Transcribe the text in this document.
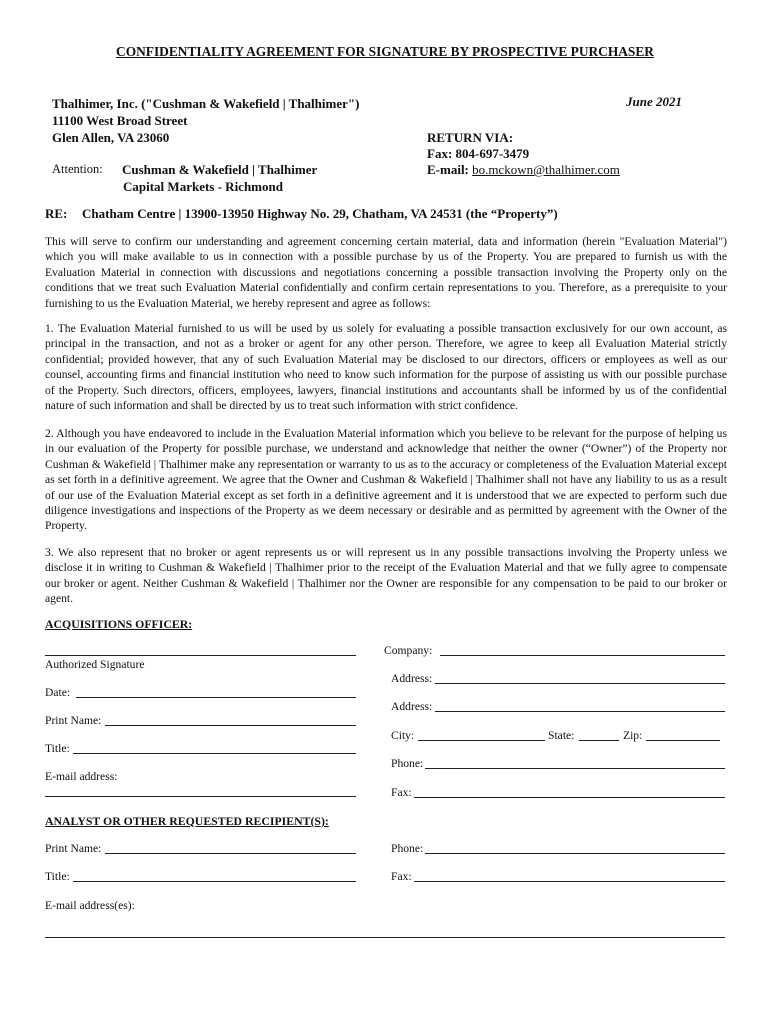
CONFIDENTIALITY AGREEMENT FOR SIGNATURE BY PROSPECTIVE PURCHASER
Thalhimer, Inc. ("Cushman & Wakefield | Thalhimer")
11100 West Broad Street
Glen Allen, VA 23060
June 2021
RETURN VIA:
Fax: 804-697-3479
E-mail: bo.mckown@thalhimer.com
Attention: Cushman & Wakefield | Thalhimer
Capital Markets - Richmond
RE: Chatham Centre | 13900-13950 Highway No. 29, Chatham, VA 24531 (the “Property”)
This will serve to confirm our understanding and agreement concerning certain material, data and information (herein "Evaluation Material") which you will make available to us in connection with a possible purchase by us of the Property. You are prepared to furnish us with the Evaluation Material in connection with discussions and negotiations concerning a possible transaction involving the Property only on the conditions that we treat such Evaluation Material confidentially and confirm certain representations to you. Therefore, as a prerequisite to your furnishing to us the Evaluation Material, we hereby represent and agree as follows:
1. The Evaluation Material furnished to us will be used by us solely for evaluating a possible transaction exclusively for our own account, as principal in the transaction, and not as a broker or agent for any other person. Therefore, we agree to keep all Evaluation Material strictly confidential; provided however, that any of such Evaluation Material may be disclosed to our directors, officers or employees as well as our counsel, accounting firms and financial institution who need to know such information for the purpose of assisting us with our possible purchase of the Property. Such directors, officers, employees, lawyers, financial institutions and accountants shall be informed by us of the confidential nature of such information and shall be directed by us to treat such information with strict confidence.
2. Although you have endeavored to include in the Evaluation Material information which you believe to be relevant for the purpose of helping us in our evaluation of the Property for possible purchase, we understand and acknowledge that neither the owner (“Owner”) of the Property nor Cushman & Wakefield | Thalhimer make any representation or warranty to us as to the accuracy or completeness of the Evaluation Material except as set forth in a definitive agreement. We agree that the Owner and Cushman & Wakefield | Thalhimer shall not have any liability to us as a result of our use of the Evaluation Material except as set forth in a definitive agreement and it is understood that we are expected to perform such due diligence investigations and inspections of the Property as we deem necessary or desirable and as permitted by agreement with the Owner of the Property.
3. We also represent that no broker or agent represents us or will represent us in any possible transactions involving the Property unless we disclose it in writing to Cushman & Wakefield | Thalhimer prior to the receipt of the Evaluation Material and that we fully agree to compensate our broker or agent. Neither Cushman & Wakefield | Thalhimer nor the Owner are responsible for any compensation to be paid to our broker or agent.
ACQUISITIONS OFFICER:
Authorized Signature
Date:
Print Name:
Title:
E-mail address:
Company:
Address:
Address:
City:	State:	Zip:
Phone:
Fax:
ANALYST OR OTHER REQUESTED RECIPIENT(S):
Print Name:
Title:
Phone:
Fax:
E-mail address(es):
